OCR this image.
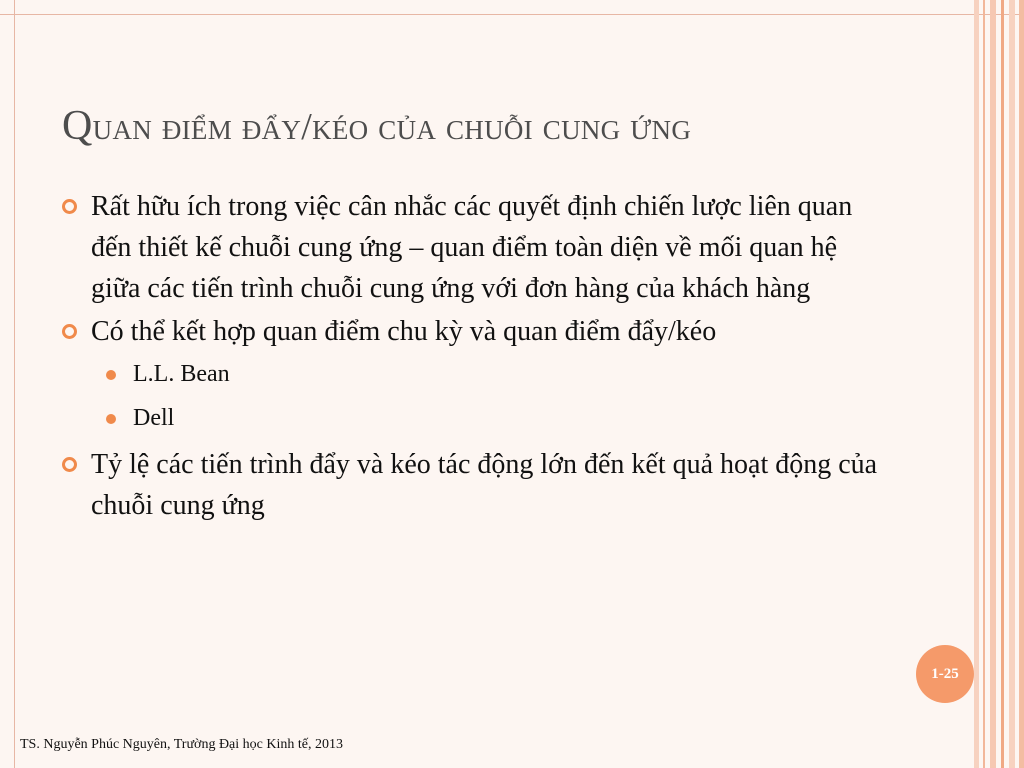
Quan điểm đẩy/kéo của chuỗi cung ứng
Rất hữu ích trong việc cân nhắc các quyết định chiến lược liên quan đến thiết kế chuỗi cung ứng – quan điểm toàn diện về mối quan hệ giữa các tiến trình chuỗi cung ứng với đơn hàng của khách hàng
Có thể kết hợp quan điểm chu kỳ và quan điểm đẩy/kéo
L.L. Bean
Dell
Tỷ lệ các tiến trình đẩy và kéo tác động lớn đến kết quả hoạt động của chuỗi cung ứng
1-25
TS. Nguyễn Phúc Nguyên, Trường Đại học Kinh tế, 2013
